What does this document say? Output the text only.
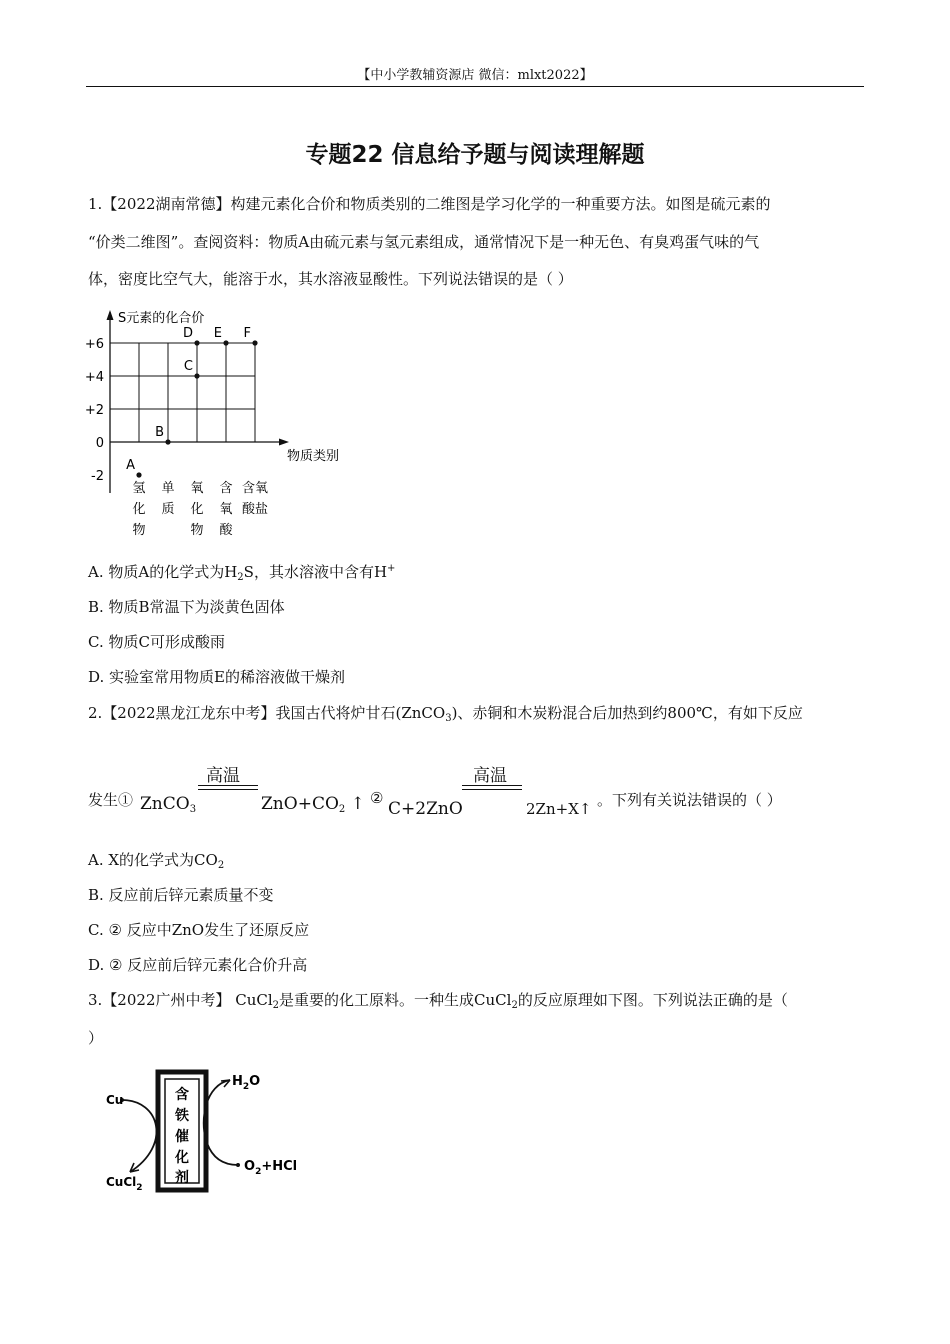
【中小学教辅资源店 微信：mlxt2022】
专题22 信息给予题与阅读理解题
1.【2022湖南常德】构建元素化合价和物质类别的二维图是学习化学的一种重要方法。如图是硫元素的
“价类二维图”。查阅资料：物质A由硫元素与氢元素组成，通常情况下是一种无色、有臭鸡蛋气味的气
体，密度比空气大，能溶于水，其水溶液显酸性。下列说法错误的是（ ）
S元素的化合价
物质类别
+6
+4
+2
0
-2
氢
化
物
单
质
氧
化
物
含
氧
酸
含氧
酸盐
A
B
C
D E F
A. 物质A的化学式为$H_2S$，其水溶液中含有H+
B. 物质B常温下为淡黄色固体
C. 物质C可形成酸雨
D. 实验室常用物质E的稀溶液做干燥剂
2.【2022黑龙江龙东中考】我国古代将炉甘石(ZnCO$_3$)、赤铜和木炭粉混合后加热到约800℃，有如下反应
发生① ZnCO$_3$
高温
$ZnO+CO_2$ ↑ ②
C+2ZnO
高温
2Zn+X↑ 。下列有关说法错误的（ ）
A. X的化学式为$CO_2$
B. 反应前后锌元素质量不变
C. ② 反应中ZnO发生了还原反应
D. ② 反应前后锌元素化合价升高
3.【2022广州中考】 CuCl$_2$是重要的化工原料。一种生成CuCl$_2$的反应原理如下图。下列说法正确的是（
）
含
铁
催
化
剂
Cu
CuCl$_2$
$H_2O$
$O_2+HCl$
